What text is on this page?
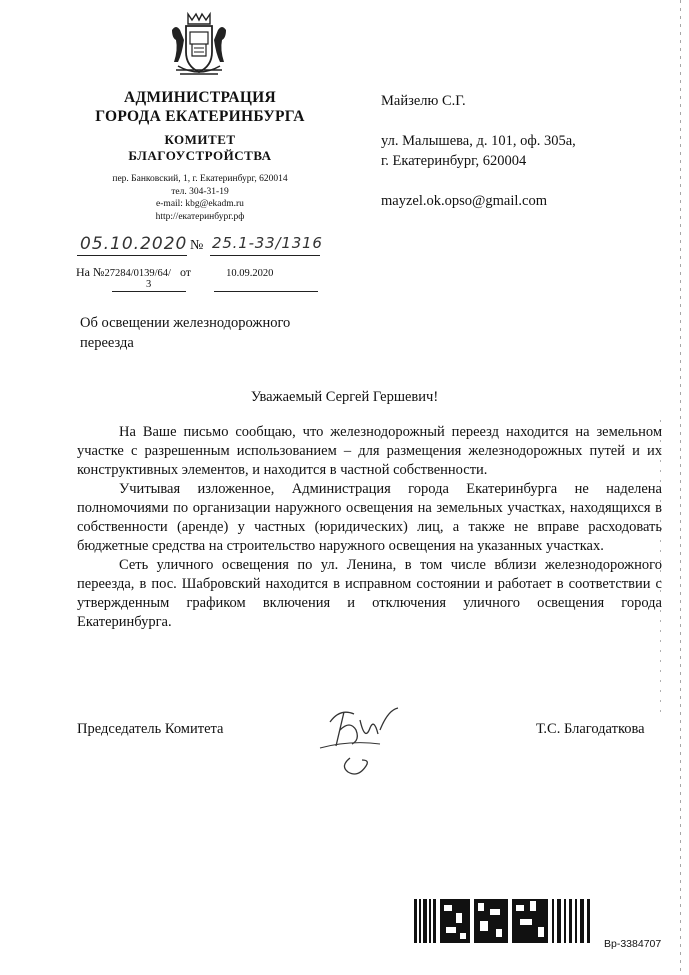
АДМИНИСТРАЦИЯ
ГОРОДА ЕКАТЕРИНБУРГА
КОМИТЕТ
БЛАГОУСТРОЙСТВА
пер. Банковский, 1, г. Екатеринбург, 620014
тел. 304-31-19
e-mail: kbg@ekadm.ru
http://екатеринбург.рф
05.10.2020 № 25.1-33/1316
На №27284/0139/64/ от	10.09.2020
3
Майзелю С.Г.
ул. Малышева, д. 101, оф. 305а,
г. Екатеринбург, 620004
mayzel.ok.opso@gmail.com
Об освещении железнодорожного переезда
Уважаемый Сергей Гершевич!

На Ваше письмо сообщаю, что железнодорожный переезд находится на земельном участке с разрешенным использованием – для размещения железнодорожных путей и их конструктивных элементов, и находится в частной собственности.

Учитывая изложенное, Администрация города Екатеринбурга не наделена полномочиями по организации наружного освещения на земельных участках, находящихся в собственности (аренде) у частных (юридических) лиц, а также не вправе расходовать бюджетные средства на строительство наружного освещения на указанных участках.

Сеть уличного освещения по ул. Ленина, в том числе вблизи железнодорожного переезда, в пос. Шабровский находится в исправном состоянии и работает в соответствии с утвержденным графиком включения и отключения уличного освещения города Екатеринбурга.

Председатель Комитета	Т.С. Благодаткова
Вр-3384707
